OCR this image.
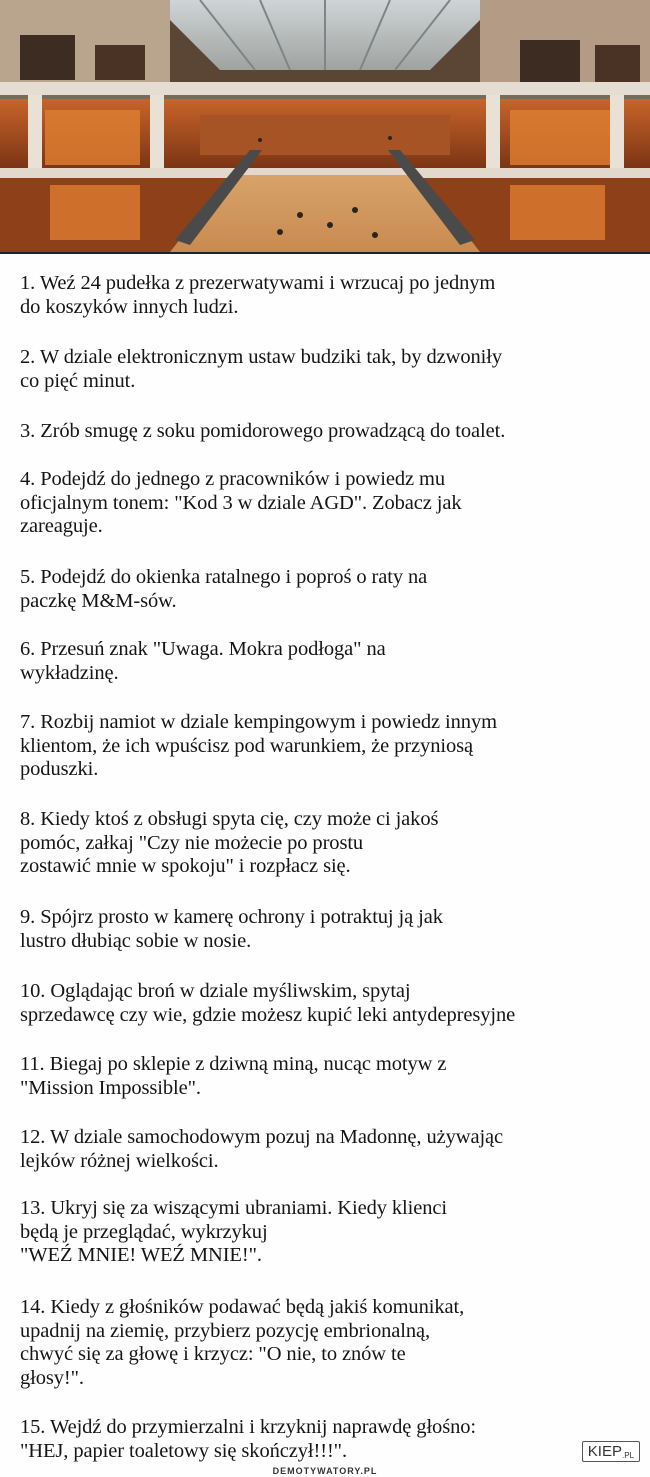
1. Weź 24 pudełka z prezerwatywami i wrzucaj po jednym
do koszyków innych ludzi.
2. W dziale elektronicznym ustaw budziki tak, by dzwoniły
co pięć minut.
3. Zrób smugę z soku pomidorowego prowadzącą do toalet.
4. Podejdź do jednego z pracowników i powiedz mu
oficjalnym tonem: "Kod 3 w dziale AGD". Zobacz jak
zareaguje.
5. Podejdź do okienka ratalnego i poproś o raty na
paczkę M&M-sów.
6. Przesuń znak "Uwaga. Mokra podłoga" na
wykładzinę.
7. Rozbij namiot w dziale kempingowym i powiedz innym
klientom, że ich wpuścisz pod warunkiem, że przyniosą
poduszki.
8. Kiedy ktoś z obsługi spyta cię, czy może ci jakoś
pomóc, załkaj "Czy nie możecie po prostu
zostawić mnie w spokoju" i rozpłacz się.
9. Spójrz prosto w kamerę ochrony i potraktuj ją jak
lustro dłubiąc sobie w nosie.
10. Oglądając broń w dziale myśliwskim, spytaj
sprzedawcę czy wie, gdzie możesz kupić leki antydepresyjne
11. Biegaj po sklepie z dziwną miną, nucąc motyw z
"Mission Impossible".
12. W dziale samochodowym pozuj na Madonnę, używając
lejków różnej wielkości.
13. Ukryj się za wiszącymi ubraniami. Kiedy klienci
będą je przeglądać, wykrzykuj
"WEŹ MNIE! WEŹ MNIE!".
14. Kiedy z głośników podawać będą jakiś komunikat,
upadnij na ziemię, przybierz pozycję embrionalną,
chwyć się za głowę i krzycz: "O nie, to znów te
głosy!".
15. Wejdź do przymierzalni i krzyknij naprawdę głośno:
"HEJ, papier toaletowy się skończył!!!".	KIEP.PL
DEMOTYWATORY.PL
